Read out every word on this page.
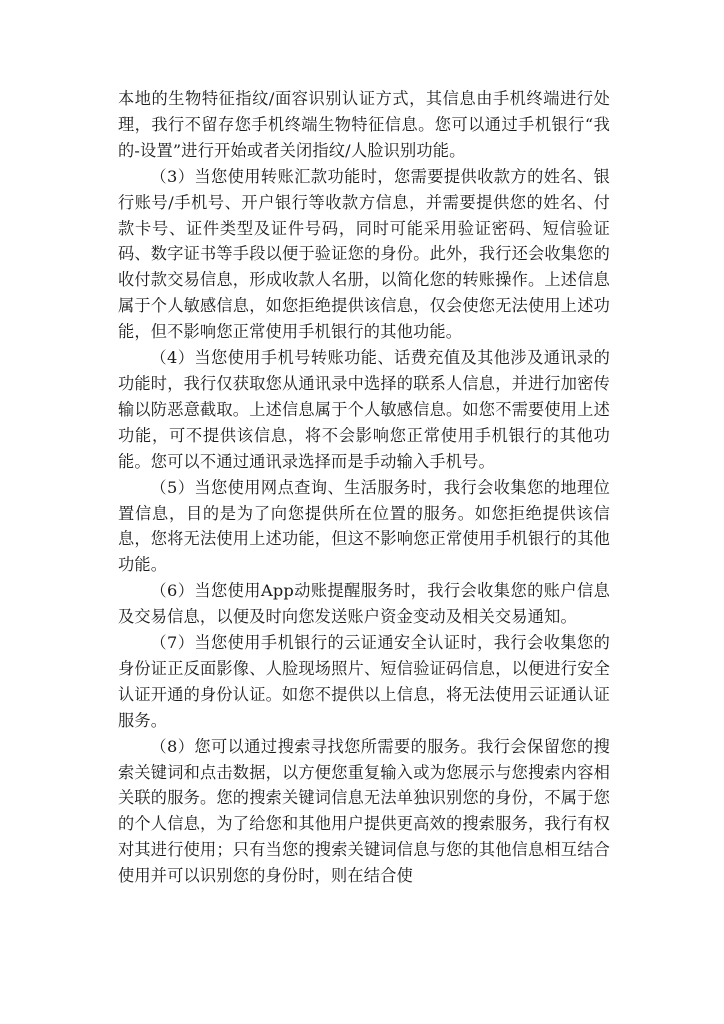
本地的生物特征指纹/面容识别认证方式，其信息由手机终端进行处理，我行不留存您手机终端生物特征信息。您可以通过手机银行“我的-设置”进行开始或者关闭指纹/人脸识别功能。

（3）当您使用转账汇款功能时，您需要提供收款方的姓名、银行账号/手机号、开户银行等收款方信息，并需要提供您的姓名、付款卡号、证件类型及证件号码，同时可能采用验证密码、短信验证码、数字证书等手段以便于验证您的身份。此外，我行还会收集您的收付款交易信息，形成收款人名册，以简化您的转账操作。上述信息属于个人敏感信息，如您拒绝提供该信息，仅会使您无法使用上述功能，但不影响您正常使用手机银行的其他功能。

（4）当您使用手机号转账功能、话费充值及其他涉及通讯录的功能时，我行仅获取您从通讯录中选择的联系人信息，并进行加密传输以防恶意截取。上述信息属于个人敏感信息。如您不需要使用上述功能，可不提供该信息，将不会影响您正常使用手机银行的其他功能。您可以不通过通讯录选择而是手动输入手机号。

（5）当您使用网点查询、生活服务时，我行会收集您的地理位置信息，目的是为了向您提供所在位置的服务。如您拒绝提供该信息，您将无法使用上述功能，但这不影响您正常使用手机银行的其他功能。

（6）当您使用App动账提醒服务时，我行会收集您的账户信息及交易信息，以便及时向您发送账户资金变动及相关交易通知。

（7）当您使用手机银行的云证通安全认证时，我行会收集您的身份证正反面影像、人脸现场照片、短信验证码信息，以便进行安全认证开通的身份认证。如您不提供以上信息，将无法使用云证通认证服务。

（8）您可以通过搜索寻找您所需要的服务。我行会保留您的搜索关键词和点击数据，以方便您重复输入或为您展示与您搜索内容相关联的服务。您的搜索关键词信息无法单独识别您的身份，不属于您的个人信息，为了给您和其他用户提供更高效的搜索服务，我行有权对其进行使用；只有当您的搜索关键词信息与您的其他信息相互结合使用并可以识别您的身份时，则在结合使
